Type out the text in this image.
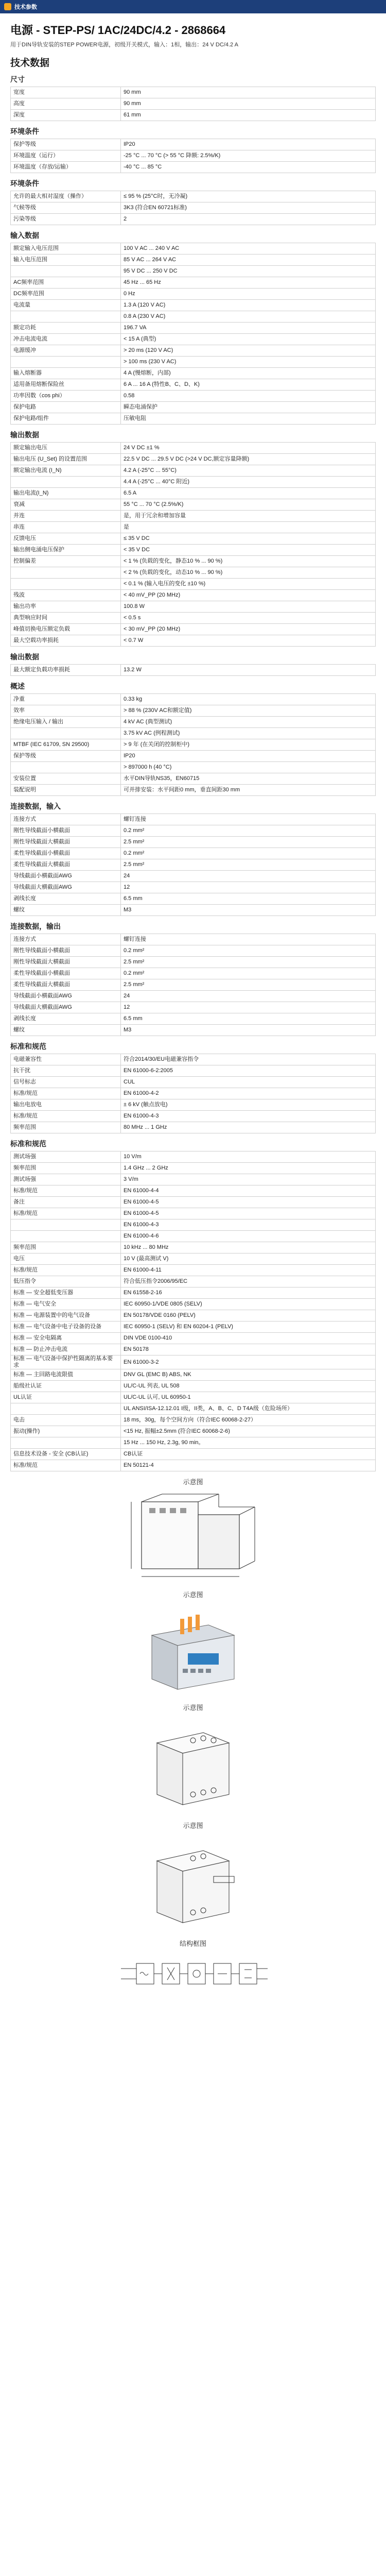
技术参数
电源 - STEP-PS/ 1AC/24DC/4.2 - 2868664
用于DIN导轨安装的STEP POWER电源，初级开关模式，输入：1相，输出：24 V DC/4.2 A
技术数据
尺寸
宽度	90 mm
高度	90 mm
深度	61 mm
环境条件
保护等级	IP20
环境温度（运行）	-25 °C ... 70 °C (> 55 °C 降额: 2.5%/K)
环境温度（存放/运输）	-40 °C ... 85 °C
环境条件
允许的最大相对湿度（操作）	≤ 95 % (25°C时，无冷凝)
气候等级	3K3 (符合EN 60721标准)
污染等级	2
输入数据
额定输入电压范围	100 V AC ... 240 V AC
输入电压范围	85 V AC ... 264 V AC
	95 V DC ... 250 V DC
AC频率范围	45 Hz ... 65 Hz
DC频率范围	0 Hz
电流量	1.3 A (120 V AC)
	0.8 A (230 V AC)
额定功耗	196.7 VA
冲击电流电流	< 15 A (典型)
电源缓冲	> 20 ms (120 V AC)
	> 100 ms (230 V AC)
输入熔断器	4 A (慢熔断，内部)
适用备用熔断保险丝	6 A ... 16 A (特性B、C、D、K)
功率因数（cos phi）	0.58
保护电路	瞬态电涌保护
保护电路/组件	压敏电阻
输出数据
额定输出电压	24 V DC ±1 %
输出电压 (U_Set) 的设置范围	22.5 V DC ... 29.5 V DC (>24 V DC,额定容量降额)
额定输出电流 (I_N)	4.2 A (-25°C ... 55°C)
	4.4 A (-25°C ... 40°C 附近)
输出电流(I_N)	6.5 A
衰减	55 °C ... 70 °C (2.5%/K)
并连	是，用于冗余和增加容量
串连	是
反馈电压	≤ 35 V DC
输出侧电涌电压保护	< 35 V DC
控制偏差	< 1 % (负载的变化，静态10 % ... 90 %)
	< 2 % (负载的变化，动态10 % ... 90 %)
	< 0.1 % (输入电压的变化 ±10 %)
残波	< 40 mV_PP (20 MHz)
输出功率	100.8 W
典型响应时间	< 0.5 s
峰值切换电压额定负载	< 30 mV_PP (20 MHz)
最大空载功率损耗	< 0.7 W
输出数据
最大额定负载功率损耗	13.2 W
概述
净重	0.33 kg
效率	> 88 % (230V AC和额定值)
绝缘电压输入 / 输出	4 kV AC (典型测试)
	3.75 kV AC (例程测试)
MTBF (IEC 61709, SN 29500)	> 9 年 (在关闭的控制柜中)
保护等级	IP20
	> 897000 h (40 °C)
安装位置	水平DIN导轨NS35，EN60715
装配说明	可并排安装：水平间距0 mm，垂直间距30 mm
连接数据，输入
连接方式	螺钉连接
刚性导线截面小横截面	0.2 mm²
刚性导线截面大横截面	2.5 mm²
柔性导线截面小横截面	0.2 mm²
柔性导线截面大横截面	2.5 mm²
导线截面小横截面AWG	24
导线截面大横截面AWG	12
剥线长度	6.5 mm
螺纹	M3
连接数据，输出
连接方式	螺钉连接
刚性导线截面小横截面	0.2 mm²
刚性导线截面大横截面	2.5 mm²
柔性导线截面小横截面	0.2 mm²
柔性导线截面大横截面	2.5 mm²
导线截面小横截面AWG	24
导线截面大横截面AWG	12
剥线长度	6.5 mm
螺纹	M3
标准和规范
电磁兼容性	符合2014/30/EU电磁兼容指令
抗干扰	EN 61000-6-2:2005
信号标志	CUL
标准/规范	EN 61000-4-2
输出电放电	± 6 kV (触点放电)
标准/规范	EN 61000-4-3
频率范围	80 MHz ... 1 GHz
标准和规范
测试场强	10 V/m
频率范围	1.4 GHz ... 2 GHz
测试场强	3 V/m
标准/规范	EN 61000-4-4
备注	EN 61000-4-5
标准/规范	EN 61000-4-5
	EN 61000-4-3
	EN 61000-4-6
频率范围	10 kHz ... 80 MHz
电压	10 V (最高测试 V)
标准/规范	EN 61000-4-11
低压指令	符合低压指令2006/95/EC
标准 — 安全超低变压器	EN 61558-2-16
标准 — 电气安全	IEC 60950-1/VDE 0805 (SELV)
标准 — 电源装置中的电气设备	EN 50178/VDE 0160 (PELV)
标准 — 电气设备中电子设备的设备	IEC 60950-1 (SELV) 和 EN 60204-1 (PELV)
标准 — 安全电隔离	DIN VDE 0100-410
标准 — 防止冲击电流	EN 50178
标准 — 电气设备中保护性隔离的基本要求	EN 61000-3-2
标准 — 主回路电流限值	DNV GL (EMC B) ABS, NK
船级社认证	UL/C-UL 列表, UL 508
UL认证	UL/C-UL 认可, UL 60950-1
	UL ANSI/ISA-12.12.01 I级，II类，A、B、C、D T4A级（危险场所）
电击	18 ms，30g，每个空间方向（符合IEC 60068-2-27）
振动(操作)	<15 Hz, 振幅±2.5mm (符合IEC 60068-2-6)
	15 Hz ... 150 Hz, 2.3g, 90 min。
信息技术设备 - 安全 (CB认证)	CB认证
标准/规范	EN 50121-4
示意图
示意图
示意图
示意图
结构框图
